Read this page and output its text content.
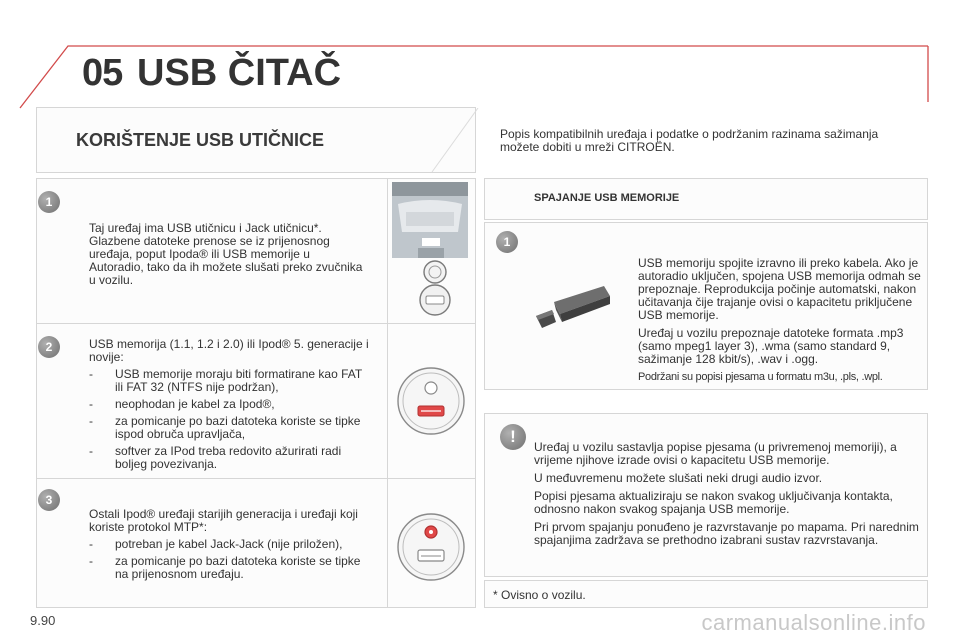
05 USB ČITAČ
KORIŠTENJE USB UTIČNICE	Popis kompatibilnih uređaja i podatke o podržanim razinama sažimanja možete dobiti u mreži CITROËN.
1
Taj uređaj ima USB utičnicu i Jack utičnicu*. Glazbene datoteke prenose se iz prijenosnog uređaja, poput Ipoda® ili USB memorije u Autoradio, tako da ih možete slušati preko zvučnika u vozilu.
2	USB memorija (1.1, 1.2 i 2.0) ili Ipod® 5. generacije i novije:

-	USB memorije moraju biti formatirane kao FAT ili FAT 32 (NTFS nije podržan),
-	neophodan je kabel za Ipod®,
-	za pomicanje po bazi datoteka koriste se tipke ispod obruča upravljača,
-	softver za IPod treba redovito ažurirati radi boljeg povezivanja.
3

Ostali Ipod® uređaji starijih generacija i uređaji koji koriste protokol MTP*:

-	potreban je kabel Jack-Jack (nije priložen),
-	za pomicanje po bazi datoteka koriste se tipke na prijenosnom uređaju.
SPAJANJE USB MEMORIJE
1

USB memoriju spojite izravno ili preko kabela. Ako je autoradio uključen, spojena USB memorija odmah se prepoznaje. Reprodukcija počinje automatski, nakon učitavanja čije trajanje ovisi o kapacitetu priključene USB memorije.

Uređaj u vozilu prepoznaje datoteke formata .mp3 (samo mpeg1 layer 3), .wma (samo standard 9, sažimanje 128 kbit/s), .wav i .ogg.

Podržani su popisi pjesama u formatu m3u, .pls, .wpl.

!

Uređaj u vozilu sastavlja popise pjesama (u privremenoj memoriji), a vrijeme njihove izrade ovisi o kapacitetu USB memorije.

U međuvremenu možete slušati neki drugi audio izvor.

Popisi pjesama aktualiziraju se nakon svakog uključivanja kontakta, odnosno nakon svakog spajanja USB memorije.

Pri prvom spajanju ponuđeno je razvrstavanje po mapama. Pri narednim spajanjima zadržava se prethodno izabrani sustav razvrstavanja.

* Ovisno o vozilu.
9.90	carmanualsonline.info
